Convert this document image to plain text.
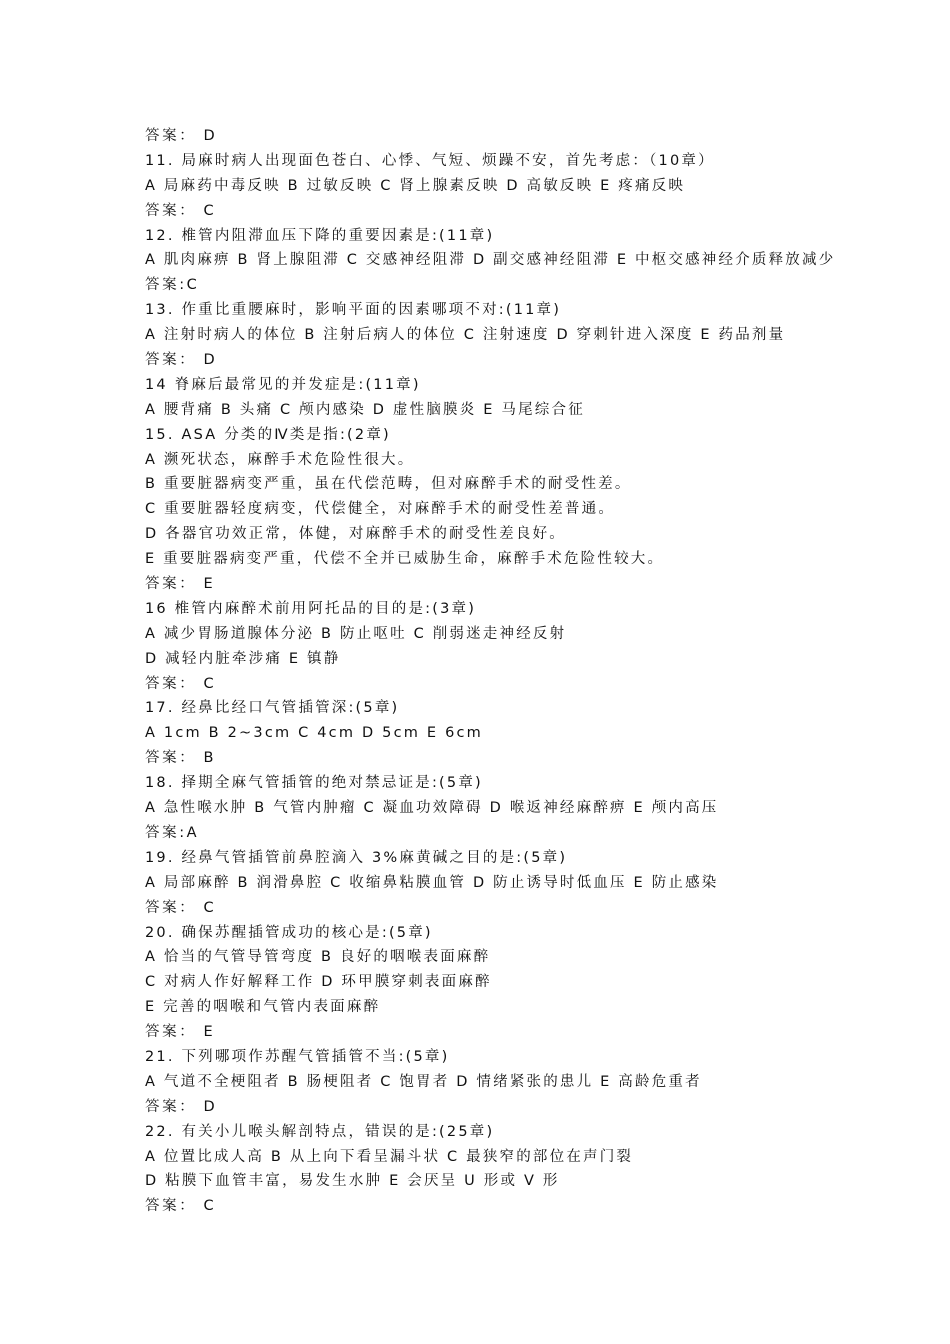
答案： D
11. 局麻时病人出现面色苍白、心悸、气短、烦躁不安，首先考虑：（10章）
A 局麻药中毒反映 B 过敏反映 C 肾上腺素反映 D 高敏反映 E 疼痛反映
答案： C
12. 椎管内阻滞血压下降的重要因素是:(11章)
A 肌肉麻痹 B 肾上腺阻滞 C 交感神经阻滞 D 副交感神经阻滞 E 中枢交感神经介质释放减少
答案:C
13. 作重比重腰麻时，影响平面的因素哪项不对:(11章)
A 注射时病人的体位 B 注射后病人的体位 C 注射速度 D 穿刺针进入深度 E 药品剂量
答案： D
14 脊麻后最常见的并发症是:(11章)
A 腰背痛 B 头痛 C 颅内感染 D 虚性脑膜炎 E 马尾综合征
15. ASA 分类的Ⅳ类是指:(2章)
A 濒死状态，麻醉手术危险性很大。
B 重要脏器病变严重，虽在代偿范畴，但对麻醉手术的耐受性差。
C 重要脏器轻度病变，代偿健全，对麻醉手术的耐受性差普通。
D 各器官功效正常，体健，对麻醉手术的耐受性差良好。
E 重要脏器病变严重，代偿不全并已威胁生命，麻醉手术危险性较大。
答案： E
16 椎管内麻醉术前用阿托品的目的是:(3章)
A 减少胃肠道腺体分泌 B 防止呕吐 C 削弱迷走神经反射
D 减轻内脏牵涉痛 E 镇静
答案： C
17. 经鼻比经口气管插管深:(5章)
A 1cm B 2~3cm C 4cm D 5cm E 6cm
答案： B
18. 择期全麻气管插管的绝对禁忌证是:(5章)
A 急性喉水肿 B 气管内肿瘤 C 凝血功效障碍 D 喉返神经麻醉痹 E 颅内高压
答案:A
19. 经鼻气管插管前鼻腔滴入 3%麻黄碱之目的是:(5章)
A 局部麻醉 B 润滑鼻腔 C 收缩鼻粘膜血管 D 防止诱导时低血压 E 防止感染
答案： C
20. 确保苏醒插管成功的核心是:(5章)
A 恰当的气管导管弯度 B 良好的咽喉表面麻醉
C 对病人作好解释工作 D 环甲膜穿刺表面麻醉
E 完善的咽喉和气管内表面麻醉
答案： E
21. 下列哪项作苏醒气管插管不当:(5章)
A 气道不全梗阻者 B 肠梗阻者 C 饱胃者 D 情绪紧张的患儿 E 高龄危重者
答案： D
22. 有关小儿喉头解剖特点，错误的是:(25章)
A 位置比成人高 B 从上向下看呈漏斗状 C 最狭窄的部位在声门裂
D 粘膜下血管丰富，易发生水肿 E 会厌呈 U 形或 V 形
答案： C
